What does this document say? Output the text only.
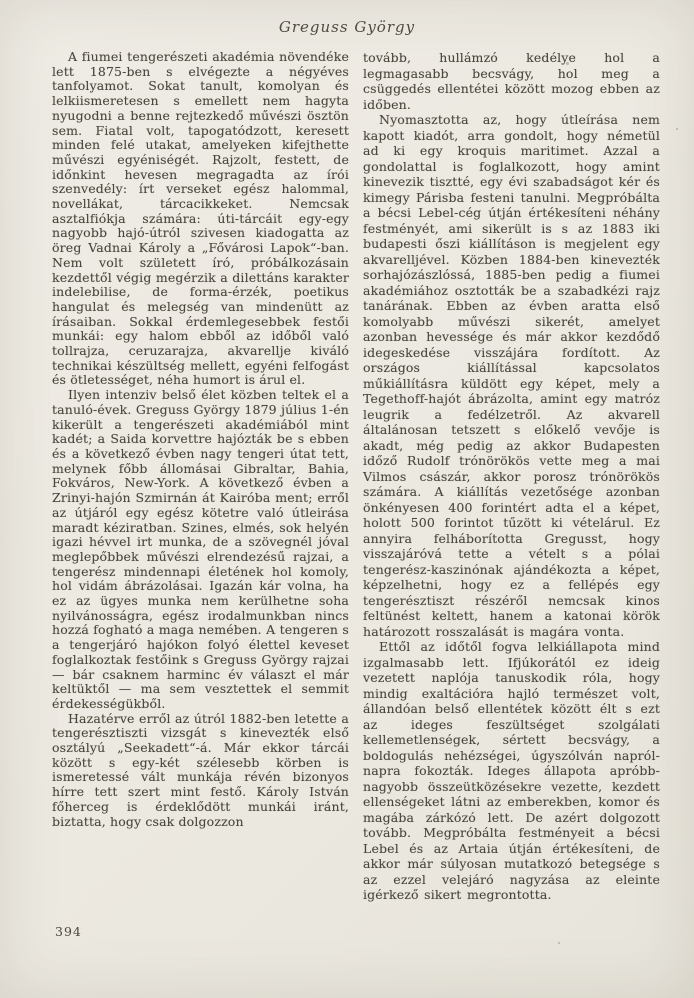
Greguss György

A fiumei tengerészeti akadémia növendéke lett 1875-ben s elvégezte a négyéves tanfolyamot. Sokat tanult, komolyan és lelkiismeretesen s emellett nem hagyta nyugodni a benne rejtezkedő művészi ösztön sem. Fiatal volt, tapogatódzott, keresett minden felé utakat, amelyeken kifejthette művészi egyéniségét. Rajzolt, festett, de időnkint hevesen megragadta az írói szenvedély: írt verseket egész halommal, novellákat, tárcacikkeket. Nemcsak asztalfiókja számára: úti-tárcáit egy-egy nagyobb hajó-útról szivesen kiadogatta az öreg Vadnai Károly a „Fővárosi Lapok“-ban. Nem volt született író, próbálkozásain kezdettől végig megérzik a dilettáns karakter indelebilise, de forma-érzék, poetikus hangulat és melegség van mindenütt az írásaiban. Sokkal érdemlegesebbek festői munkái: egy halom ebből az időből való tollrajza, ceruzarajza, akvarellje kiváló technikai készültség mellett, egyéni felfogást és ötletességet, néha humort is árul el.

Ilyen intenziv belső élet közben teltek el a tanuló-évek. Greguss György 1879 július 1-én kikerült a tengerészeti akadémiából mint kadét; a Saida korvettre hajózták be s ebben és a következő évben nagy tengeri útat tett, melynek főbb állomásai Gibraltar, Bahia, Fokváros, New-York. A következő évben a Zrinyi-hajón Szmirnán át Kairóba ment; erről az útjáról egy egész kötetre való útleirása maradt kéziratban. Szines, elmés, sok helyén igazi hévvel irt munka, de a szövegnél jóval meglepőbbek művészi elrendezésű rajzai, a tengerész mindennapi életének hol komoly, hol vidám ábrázolásai. Igazán kár volna, ha ez az ügyes munka nem kerülhetne soha nyilvánosságra, egész irodalmunkban nincs hozzá fogható a maga nemében. A tengeren s a tengerjáró hajókon folyó élettel keveset foglalkoztak festőink s Greguss György rajzai — bár csaknem harminc év választ el már keltüktől — ma sem vesztettek el semmit érdekességükből.

Hazatérve erről az útról 1882-ben letette a tengerésztiszti vizsgát s kinevezték első osztályú „Seekadett“-á. Már ekkor tárcái között s egy-két szélesebb körben is ismeretessé vált munkája révén bizonyos hírre tett szert mint festő. Károly István főherceg is érdeklődött munkái iránt, biztatta, hogy csak dolgozzon

tovább, hullámzó kedélye hol a legmagasabb becsvágy, hol meg a csüggedés ellentétei között mozog ebben az időben.

Nyomasztotta az, hogy útleírása nem kapott kiadót, arra gondolt, hogy németül ad ki egy kroquis maritimet. Azzal a gondolattal is foglalkozott, hogy amint kinevezik tisztté, egy évi szabadságot kér és kimegy Párisba festeni tanulni. Megpróbálta a bécsi Lebel-cég útján értékesíteni néhány festményét, ami sikerült is s az 1883 iki budapesti őszi kiállításon is megjelent egy akvarelljével. Közben 1884-ben kinevezték sorhajózászlóssá, 1885-ben pedig a fiumei akadémiához osztották be a szabadkézi rajz tanárának. Ebben az évben aratta első komolyabb művészi sikerét, amelyet azonban hevessége és már akkor kezdődő idegeskedése visszájára fordított. Az országos kiállítással kapcsolatos műkiállításra küldött egy képet, mely a Tegethoff-hajót ábrázolta, amint egy matróz leugrik a fedélzetről. Az akvarell általánosan tetszett s előkelő vevője is akadt, még pedig az akkor Budapesten időző Rudolf trónörökös vette meg a mai Vilmos császár, akkor porosz trónörökös számára. A kiállítás vezetősége azonban önkényesen 400 forintért adta el a képet, holott 500 forintot tűzött ki vételárul. Ez annyira felháborította Gregusst, hogy visszajáróvá tette a vételt s a pólai tengerész-kaszinónak ajándékozta a képet, képzelhetni, hogy ez a fellépés egy tengerésztiszt részéről nemcsak kinos feltünést keltett, hanem a katonai körök határozott rosszalását is magára vonta.

Ettől az időtől fogva lelkiállapota mind izgalmasabb lett. Ifjúkorától ez ideig vezetett naplója tanuskodik róla, hogy mindig exaltációra hajló természet volt, állandóan belső ellentétek között élt s ezt az ideges feszültséget szolgálati kellemetlenségek, sértett becsvágy, a boldogulás nehézségei, úgyszólván napról-napra fokozták. Ideges állapota apróbb-nagyobb összeütközésekre vezette, kezdett ellenségeket látni az emberekben, komor és magába zárkózó lett. De azért dolgozott tovább. Megpróbálta festményeit a bécsi Lebel és az Artaia útján értékesíteni, de akkor már súlyosan mutatkozó betegsége s az ezzel velejáró nagyzása az eleinte igérkező sikert megrontotta.

394
